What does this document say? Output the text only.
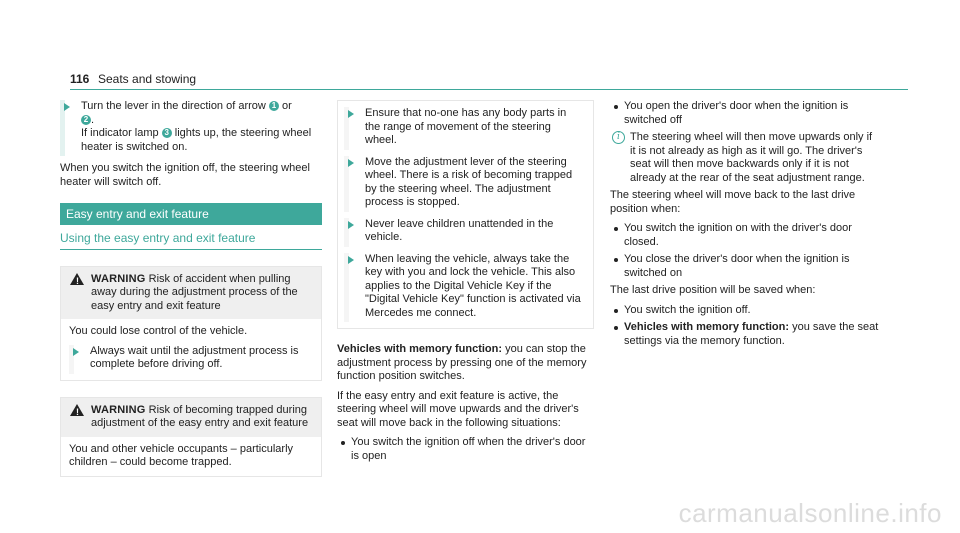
116 Seats and stowing
Turn the lever in the direction of arrow 1 or
2 .
If indicator lamp 3 lights up, the steering wheel heater is switched on.
When you switch the ignition off, the steering wheel heater will switch off.
Easy entry and exit feature
Using the easy entry and exit feature
! WARNING Risk of accident when pulling away during the adjustment process of the easy entry and exit feature
You could lose control of the vehicle.
Always wait until the adjustment process is complete before driving off.
! WARNING Risk of becoming trapped during adjustment of the easy entry and exit feature
You and other vehicle occupants – particularly children – could become trapped.
Ensure that no-one has any body parts in the range of movement of the steering wheel.
Move the adjustment lever of the steering wheel. There is a risk of becoming trapped by the steering wheel. The adjustment process is stopped.
Never leave children unattended in the vehicle.
When leaving the vehicle, always take the key with you and lock the vehicle. This also applies to the Digital Vehicle Key if the "Digital Vehicle Key" function is activated via Mercedes me connect.
Vehicles with memory function: you can stop the adjustment process by pressing one of the memory function position switches.
If the easy entry and exit feature is active, the steering wheel will move upwards and the driver's seat will move back in the following situations:
You switch the ignition off when the driver's door is open
You open the driver's door when the ignition is switched off
i The steering wheel will then move upwards only if it is not already as high as it will go. The driver's seat will then move backwards only if it is not already at the rear of the seat adjustment range.
The steering wheel will move back to the last drive position when:
You switch the ignition on with the driver's door closed.
You close the driver's door when the ignition is switched on
The last drive position will be saved when:
You switch the ignition off.
Vehicles with memory function: you save the seat settings via the memory function.
carmanualsonline.info
